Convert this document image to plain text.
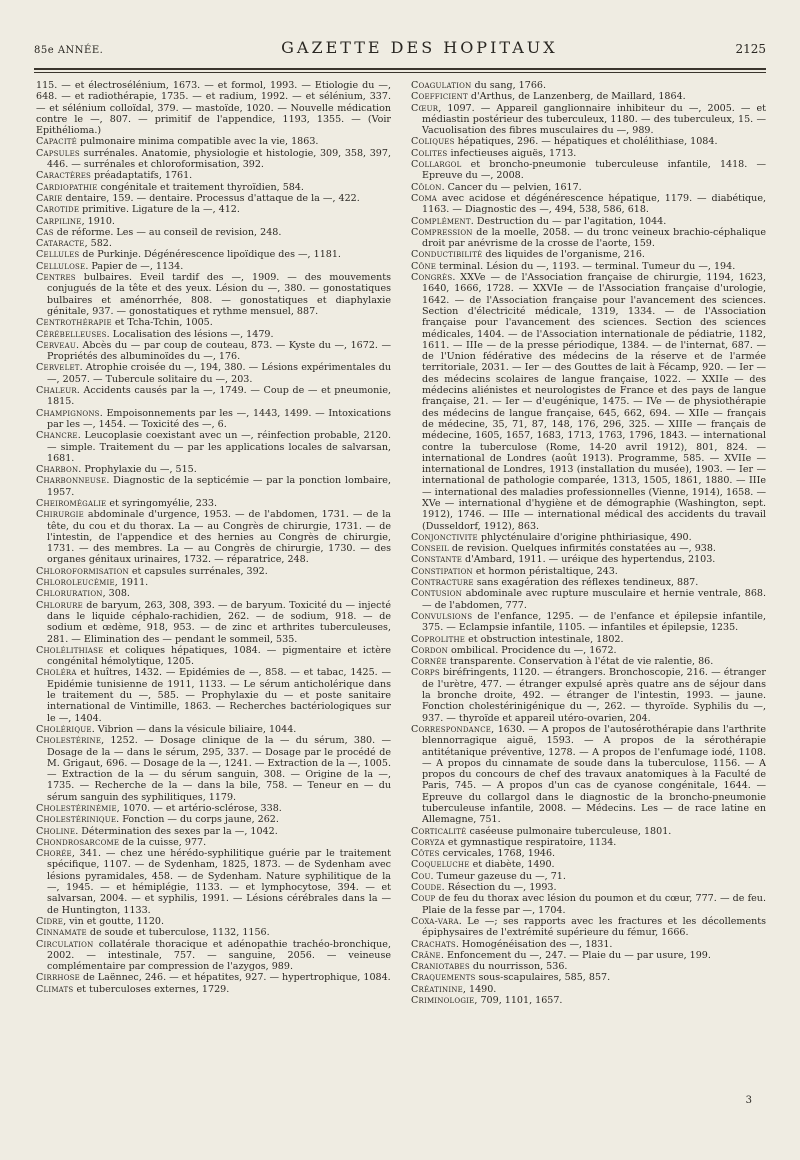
85e ANNÉE.	GAZETTE DES HOPITAUX	2125

115. — et électrosélénium, 1673. — et formol, 1993. — Etiologie du —, 648. — et radiothérapie, 1735. — et radium, 1992. — et sélénium, 337. — et sélénium colloïdal, 379. — mastoïde, 1020. — Nouvelle médication contre le —, 807. — primitif de l'appendice, 1193, 1355. — (Voir Epithélioma.)

Capacité pulmonaire minima compatible avec la vie, 1863.

Capsules surrénales. Anatomie, physiologie et histologie, 309, 358, 397, 446. — surrénales et chloroformisation, 392.

Caractères préadaptatifs, 1761.

Cardiopathie congénitale et traitement thyroïdien, 584.

Carie dentaire, 159. — dentaire. Processus d'attaque de la —, 422.

Carotide primitive. Ligature de la —, 412.

Carpiline, 1910.

Cas de réforme. Les — au conseil de revision, 248.

Cataracte, 582.

Cellules de Purkinje. Dégénérescence lipoïdique des —, 1181.

Cellulose. Papier de —, 1134.

Centres bulbaires. Eveil tardif des —, 1909. — des mouvements conjugués de la tête et des yeux. Lésion du —, 380. — gonostatiques bulbaires et aménorrhée, 808. — gonostatiques et diaphylaxie génitale, 937. — gonostatiques et rythme mensuel, 887.

Centrothérapie et Tcha-Tchin, 1005.

Cérébelleuses. Localisation des lésions —, 1479.

Cerveau. Abcès du — par coup de couteau, 873. — Kyste du —, 1672. — Propriétés des albuminoïdes du —, 176.

Cervelet. Atrophie croisée du —, 194, 380. — Lésions expérimentales du —, 2057. — Tubercule solitaire du —, 203.

Chaleur. Accidents causés par la —, 1749. — Coup de — et pneumonie, 1815.

Champignons. Empoisonnements par les —, 1443, 1499. — Intoxications par les —, 1454. — Toxicité des —, 6.

Chancre. Leucoplasie coexistant avec un —, réinfection probable, 2120. — simple. Traitement du — par les applications locales de salvarsan, 1681.

Charbon. Prophylaxie du —, 515.

Charbonneuse. Diagnostic de la septicémie — par la ponction lombaire, 1957.

Cheiromégalie et syringomyélie, 233.

Chirurgie abdominale d'urgence, 1953. — de l'abdomen, 1731. — de la tête, du cou et du thorax. La — au Congrès de chirurgie, 1731. — de l'intestin, de l'appendice et des hernies au Congrès de chirurgie, 1731. — des membres. La — au Congrès de chirurgie, 1730. — des organes génitaux urinaires, 1732. — réparatrice, 248.

Chloroformisation et capsules surrénales, 392.

Chloroleucémie, 1911.

Chloruration, 308.

Chlorure de baryum, 263, 308, 393. — de baryum. Toxicité du — injecté dans le liquide céphalo-rachidien, 262. — de sodium, 918. — de sodium et œdème, 918, 953. — de zinc et arthrites tuberculeuses, 281. — Elimination des — pendant le sommeil, 535.

Cholélithiase et coliques hépatiques, 1084. — pigmentaire et ictère congénital hémolytique, 1205.

Choléra et huîtres, 1432. — Epidémies de —, 858. — et tabac, 1425. — Epidémie tunisienne de 1911, 1133. — Le sérum anticholérique dans le traitement du —, 585. — Prophylaxie du — et poste sanitaire international de Vintimille, 1863. — Recherches bactériologiques sur le —, 1404.

Cholérique. Vibrion — dans la vésicule biliaire, 1044.

Cholestérine, 1252. — Dosage clinique de la — du sérum, 380. — Dosage de la — dans le sérum, 295, 337. — Dosage par le procédé de M. Grigaut, 696. — Dosage de la —, 1241. — Extraction de la —, 1005. — Extraction de la — du sérum sanguin, 308. — Origine de la —, 1735. — Recherche de la — dans la bile, 758. — Teneur en — du sérum sanguin des syphilitiques, 1179.

Cholestérinémie, 1070. — et artério-sclérose, 338.

Cholestérinique. Fonction — du corps jaune, 262.

Choline. Détermination des sexes par la —, 1042.

Chondrosarcome de la cuisse, 977.

Chorée, 341. — chez une hérédo-syphilitique guérie par le traitement spécifique, 1107. — de Sydenham, 1825, 1873. — de Sydenham avec lésions pyramidales, 458. — de Sydenham. Nature syphilitique de la —, 1945. — et hémiplégie, 1133. — et lymphocytose, 394. — et salvarsan, 2004. — et syphilis, 1991. — Lésions cérébrales dans la — de Huntington, 1133.

Cidre, vin et goutte, 1120.

Cinnamate de soude et tuberculose, 1132, 1156.

Circulation collatérale thoracique et adénopathie trachéo-bronchique, 2002. — intestinale, 757. — sanguine, 2056. — veineuse complémentaire par compression de l'azygos, 989.

Cirrhose de Laënnec, 246. — et hépatites, 927. — hypertrophique, 1084.

Climats et tuberculoses externes, 1729.

Coagulation du sang, 1766.

Coefficient d'Arthus, de Lanzenberg, de Maillard, 1864.

Cœur, 1097. — Appareil ganglionnaire inhibiteur du —, 2005. — et médiastin postérieur des tuberculeux, 1180. — des tuberculeux, 15. — Vacuolisation des fibres musculaires du —, 989.

Coliques hépatiques, 296. — hépatiques et cholélithiase, 1084.

Colites infectieuses aiguës, 1713.

Collargol et broncho-pneumonie tuberculeuse infantile, 1418. — Epreuve du —, 2008.

Côlon. Cancer du — pelvien, 1617.

Coma avec acidose et dégénérescence hépatique, 1179. — diabétique, 1163. — Diagnostic des —, 494, 538, 586, 618.

Complément. Destruction du — par l'agitation, 1044.

Compression de la moelle, 2058. — du tronc veineux brachio-céphalique droit par anévrisme de la crosse de l'aorte, 159.

Conductibilité des liquides de l'organisme, 216.

Cône terminal. Lésion du —, 1193. — terminal. Tumeur du —, 194.

Congrès. XXVe — de l'Association française de chirurgie, 1194, 1623, 1640, 1666, 1728. — XXVIe — de l'Association française d'urologie, 1642. — de l'Association française pour l'avancement des sciences. Section d'électricité médicale, 1319, 1334. — de l'Association française pour l'avancement des sciences. Section des sciences médicales, 1404. — de l'Association internationale de pédiatrie, 1182, 1611. — IIIe — de la presse périodique, 1384. — de l'internat, 687. — de l'Union fédérative des médecins de la réserve et de l'armée territoriale, 2031. — Ier — des Gouttes de lait à Fécamp, 920. — Ier — des médecins scolaires de langue française, 1022. — XXIIe — des médecins aliénistes et neurologistes de France et des pays de langue française, 21. — Ier — d'eugénique, 1475. — IVe — de physiothérapie des médecins de langue française, 645, 662, 694. — XIIe — français de médecine, 35, 71, 87, 148, 176, 296, 325. — XIIIe — français de médecine, 1605, 1657, 1683, 1713, 1763, 1796, 1843. — international contre la tuberculose (Rome, 14-20 avril 1912), 801, 824. — international de Londres (août 1913). Programme, 585. — XVIIe — international de Londres, 1913 (installation du musée), 1903. — Ier — international de pathologie comparée, 1313, 1505, 1861, 1880. — IIIe — international des maladies professionnelles (Vienne, 1914), 1658. — XVe — international d'hygiène et de démographie (Washington, sept. 1912), 1746. — IIIe — international médical des accidents du travail (Dusseldorf, 1912), 863.

Conjonctivite phlycténulaire d'origine phthiriasique, 490.

Conseil de revision. Quelques infirmités constatées au —, 938.

Constante d'Ambard, 1911. — uréique des hypertendus, 2103.

Constipation et hormon péristaltique, 243.

Contracture sans exagération des réflexes tendineux, 887.

Contusion abdominale avec rupture musculaire et hernie ventrale, 868. — de l'abdomen, 777.

Convulsions de l'enfance, 1295. — de l'enfance et épilepsie infantile, 375. — Eclampsie infantile, 1105. — infantiles et épilepsie, 1235.

Coprolithe et obstruction intestinale, 1802.

Cordon ombilical. Procidence du —, 1672.

Cornée transparente. Conservation à l'état de vie ralentie, 86.

Corps biréfringents, 1120. — étrangers. Bronchoscopie, 216. — étranger de l'urètre, 477. — étranger expulsé après quatre ans de séjour dans la bronche droite, 492. — étranger de l'intestin, 1993. — jaune. Fonction cholestérinigénique du —, 262. — thyroïde. Syphilis du —, 937. — thyroïde et appareil utéro-ovarien, 204.

Correspondance, 1630. — A propos de l'autosérothérapie dans l'arthrite blennorragique aiguë, 1593. — A propos de la sérothérapie antitétanique préventive, 1278. — A propos de l'enfumage iodé, 1108. — A propos du cinnamate de soude dans la tuberculose, 1156. — A propos du concours de chef des travaux anatomiques à la Faculté de Paris, 745. — A propos d'un cas de cyanose congénitale, 1644. — Epreuve du collargol dans le diagnostic de la broncho-pneumonie tuberculeuse infantile, 2008. — Médecins. Les — de race latine en Allemagne, 751.

Corticalité caséeuse pulmonaire tuberculeuse, 1801.

Coryza et gymnastique respiratoire, 1134.

Côtes cervicales, 1768, 1946.

Coqueluche et diabète, 1490.

Cou. Tumeur gazeuse du —, 71.

Coude. Résection du —, 1993.

Coup de feu du thorax avec lésion du poumon et du cœur, 777. — de feu. Plaie de la fesse par —, 1704.

Coxa-vara. Le —; ses rapports avec les fractures et les décollements épiphysaires de l'extrémité supérieure du fémur, 1666.

Crachats. Homogénéisation des —, 1831.

Crâne. Enfoncement du —, 247. — Plaie du — par usure, 199.

Craniotabes du nourrisson, 536.

Craquements sous-scapulaires, 585, 857.

Créatinine, 1490.

Criminologie, 709, 1101, 1657.

3
